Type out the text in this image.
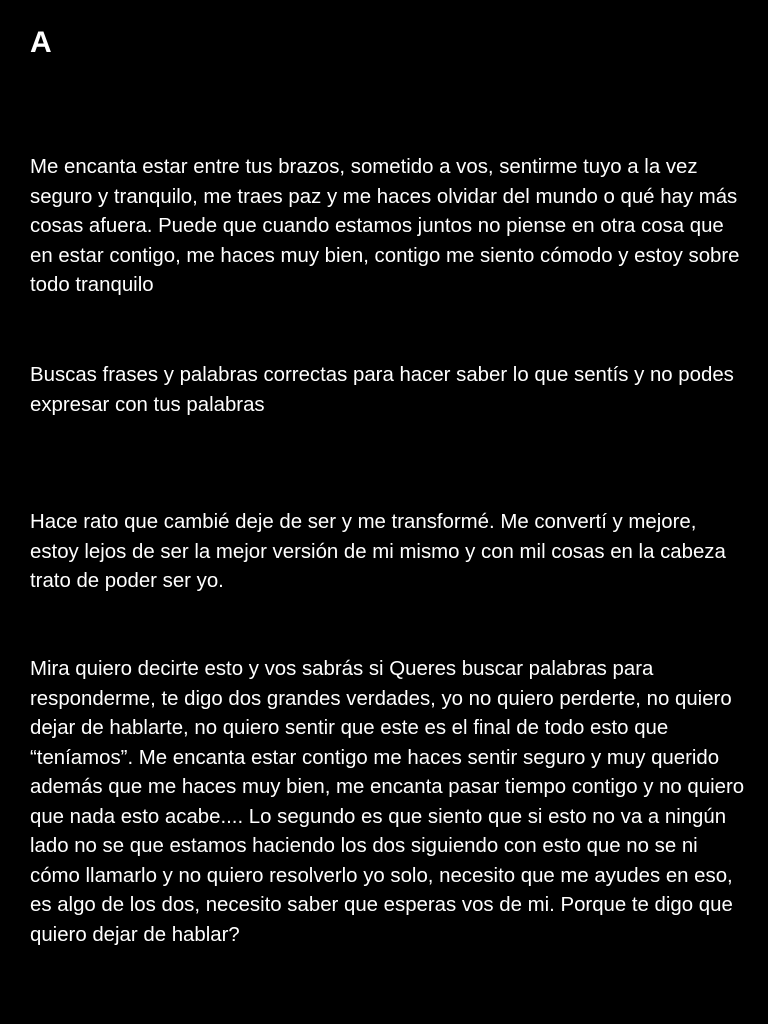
A

Me encanta estar entre tus brazos, sometido a vos, sentirme tuyo a la vez seguro y tranquilo, me traes paz y me haces olvidar del mundo o qué hay más cosas afuera. Puede que cuando estamos juntos no piense en otra cosa que en estar contigo, me haces muy bien, contigo me siento cómodo y estoy sobre todo tranquilo

Buscas frases y palabras correctas para hacer saber lo que sentís y no podes expresar con tus palabras

Hace rato que cambié deje de ser y me transformé. Me convertí y mejore, estoy lejos de ser la mejor versión de mi mismo y con mil cosas en la cabeza trato de poder ser yo.

Mira quiero decirte esto y vos sabrás si Queres buscar palabras para responderme, te digo dos grandes verdades, yo no quiero perderte, no quiero dejar de hablarte, no quiero sentir que este es el final de todo esto que “teníamos”. Me encanta estar contigo me haces sentir seguro y muy querido además que me haces muy bien, me encanta pasar tiempo contigo y no quiero que nada esto acabe.... Lo segundo es que siento que si esto no va a ningún lado no se que estamos haciendo los dos siguiendo con esto que no se ni cómo llamarlo y no quiero resolverlo yo solo, necesito que me ayudes en eso, es algo de los dos, necesito saber que esperas vos de mi. Porque te digo que quiero dejar de hablar?
